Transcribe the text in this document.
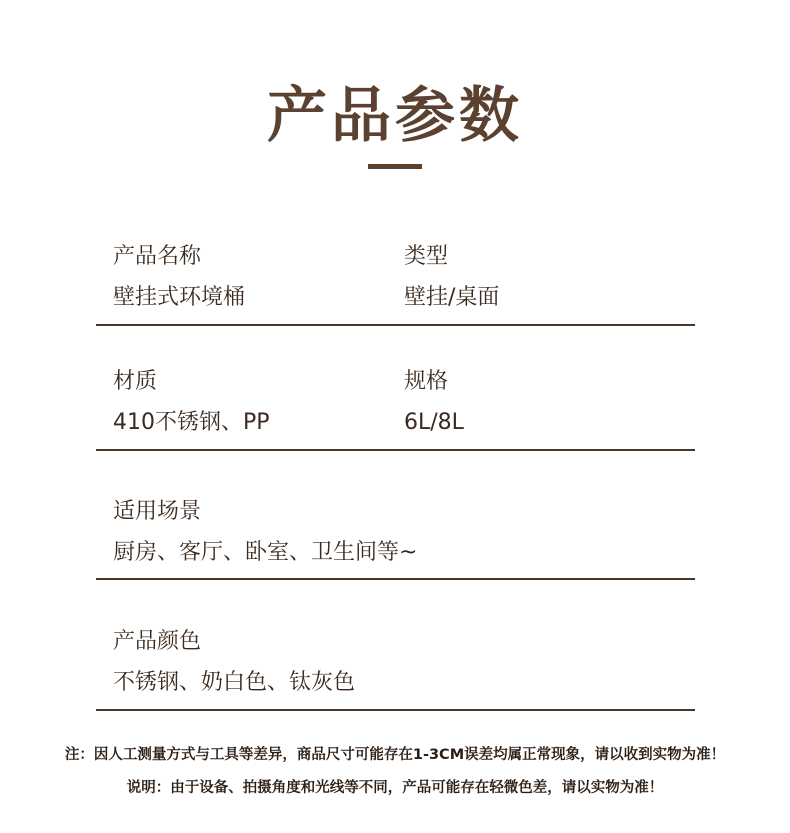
产品参数
产品名称
壁挂式环境桶
类型
壁挂/桌面
材质
410不锈钢、PP
规格
6L/8L
适用场景
厨房、客厅、卧室、卫生间等~
产品颜色
不锈钢、奶白色、钛灰色
注：因人工测量方式与工具等差异，商品尺寸可能存在1-3CM误差均属正常现象，请以收到实物为准！
说明：由于设备、拍摄角度和光线等不同，产品可能存在轻微色差，请以实物为准！
